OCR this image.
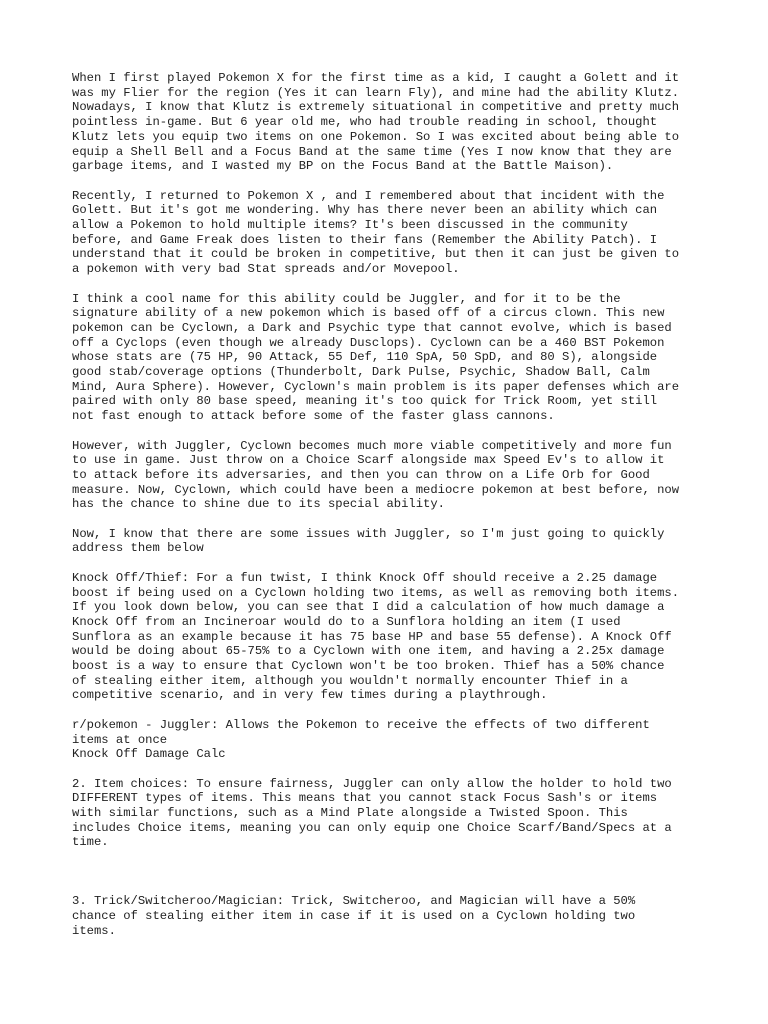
When I first played Pokemon X for the first time as a kid, I caught a Golett and it
was my Flier for the region (Yes it can learn Fly), and mine had the ability Klutz.
Nowadays, I know that Klutz is extremely situational in competitive and pretty much
pointless in-game. But 6 year old me, who had trouble reading in school, thought
Klutz lets you equip two items on one Pokemon. So I was excited about being able to
equip a Shell Bell and a Focus Band at the same time (Yes I now know that they are
garbage items, and I wasted my BP on the Focus Band at the Battle Maison).

Recently, I returned to Pokemon X , and I remembered about that incident with the
Golett. But it's got me wondering. Why has there never been an ability which can
allow a Pokemon to hold multiple items? It's been discussed in the community
before, and Game Freak does listen to their fans (Remember the Ability Patch). I
understand that it could be broken in competitive, but then it can just be given to
a pokemon with very bad Stat spreads and/or Movepool.

I think a cool name for this ability could be Juggler, and for it to be the
signature ability of a new pokemon which is based off of a circus clown. This new
pokemon can be Cyclown, a Dark and Psychic type that cannot evolve, which is based
off a Cyclops (even though we already Dusclops). Cyclown can be a 460 BST Pokemon
whose stats are (75 HP, 90 Attack, 55 Def, 110 SpA, 50 SpD, and 80 S), alongside
good stab/coverage options (Thunderbolt, Dark Pulse, Psychic, Shadow Ball, Calm
Mind, Aura Sphere). However, Cyclown's main problem is its paper defenses which are
paired with only 80 base speed, meaning it's too quick for Trick Room, yet still
not fast enough to attack before some of the faster glass cannons.

However, with Juggler, Cyclown becomes much more viable competitively and more fun
to use in game. Just throw on a Choice Scarf alongside max Speed Ev's to allow it
to attack before its adversaries, and then you can throw on a Life Orb for Good
measure. Now, Cyclown, which could have been a mediocre pokemon at best before, now
has the chance to shine due to its special ability.

Now, I know that there are some issues with Juggler, so I'm just going to quickly
address them below

Knock Off/Thief: For a fun twist, I think Knock Off should receive a 2.25 damage
boost if being used on a Cyclown holding two items, as well as removing both items.
If you look down below, you can see that I did a calculation of how much damage a
Knock Off from an Incineroar would do to a Sunflora holding an item (I used
Sunflora as an example because it has 75 base HP and base 55 defense). A Knock Off
would be doing about 65-75% to a Cyclown with one item, and having a 2.25x damage
boost is a way to ensure that Cyclown won't be too broken. Thief has a 50% chance
of stealing either item, although you wouldn't normally encounter Thief in a
competitive scenario, and in very few times during a playthrough.

r/pokemon - Juggler: Allows the Pokemon to receive the effects of two different
items at once
Knock Off Damage Calc

2. Item choices: To ensure fairness, Juggler can only allow the holder to hold two
DIFFERENT types of items. This means that you cannot stack Focus Sash's or items
with similar functions, such as a Mind Plate alongside a Twisted Spoon. This
includes Choice items, meaning you can only equip one Choice Scarf/Band/Specs at a
time.

3. Trick/Switcheroo/Magician: Trick, Switcheroo, and Magician will have a 50%
chance of stealing either item in case if it is used on a Cyclown holding two
items.
